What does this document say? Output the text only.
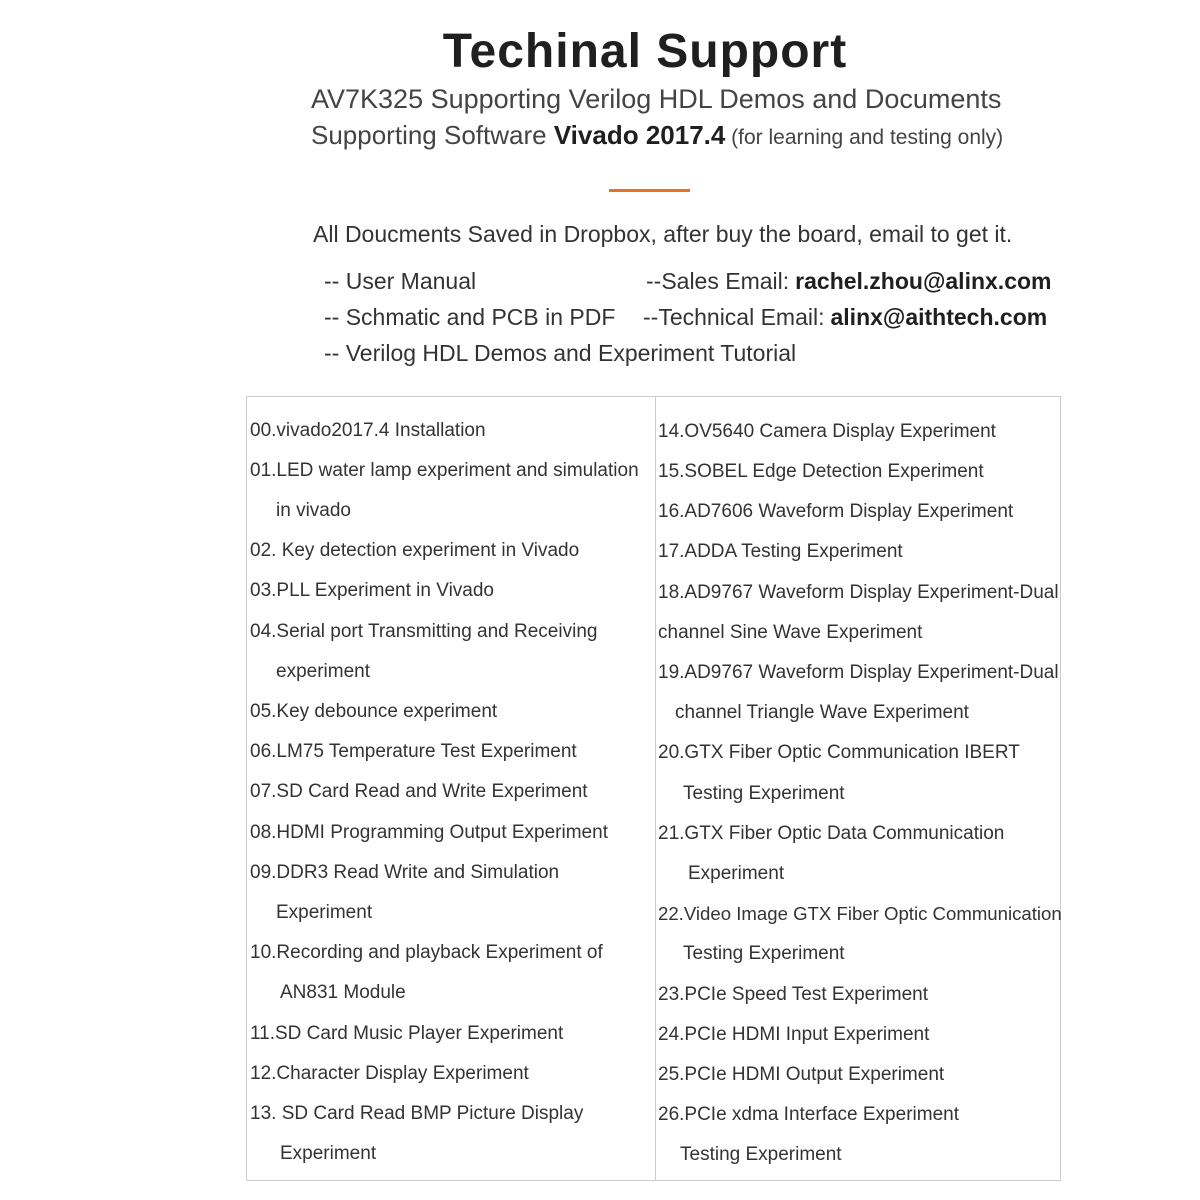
Techinal Support
AV7K325 Supporting Verilog HDL Demos and Documents
Supporting Software Vivado 2017.4 (for learning and testing only)
All Doucments Saved in Dropbox, after buy the board, email to get it.
-- User Manual
-- Schmatic and PCB in PDF
-- Verilog HDL Demos and Experiment Tutorial
--Sales Email: rachel.zhou@alinx.com
--Technical Email: alinx@aithtech.com
00.vivado2017.4 Installation
01.LED water lamp experiment and simulation
in vivado
02. Key detection experiment in Vivado
03.PLL Experiment in Vivado
04.Serial port Transmitting and Receiving
experiment
05.Key debounce experiment
06.LM75 Temperature Test Experiment
07.SD Card Read and Write Experiment
08.HDMI Programming Output Experiment
09.DDR3 Read Write and Simulation
Experiment
10.Recording and playback Experiment of
AN831 Module
11.SD Card Music Player Experiment
12.Character Display Experiment
13. SD Card Read BMP Picture Display
Experiment
14.OV5640 Camera Display Experiment
15.SOBEL Edge Detection Experiment
16.AD7606 Waveform Display Experiment
17.ADDA Testing Experiment
18.AD9767 Waveform Display Experiment-Dual
channel Sine Wave Experiment
19.AD9767 Waveform Display Experiment-Dual
channel Triangle Wave Experiment
20.GTX Fiber Optic Communication IBERT
Testing Experiment
21.GTX Fiber Optic Data Communication
Experiment
22.Video Image GTX Fiber Optic Communication
Testing Experiment
23.PCIe Speed Test Experiment
24.PCIe HDMI Input Experiment
25.PCIe HDMI Output Experiment
26.PCIe xdma Interface Experiment
Testing Experiment
